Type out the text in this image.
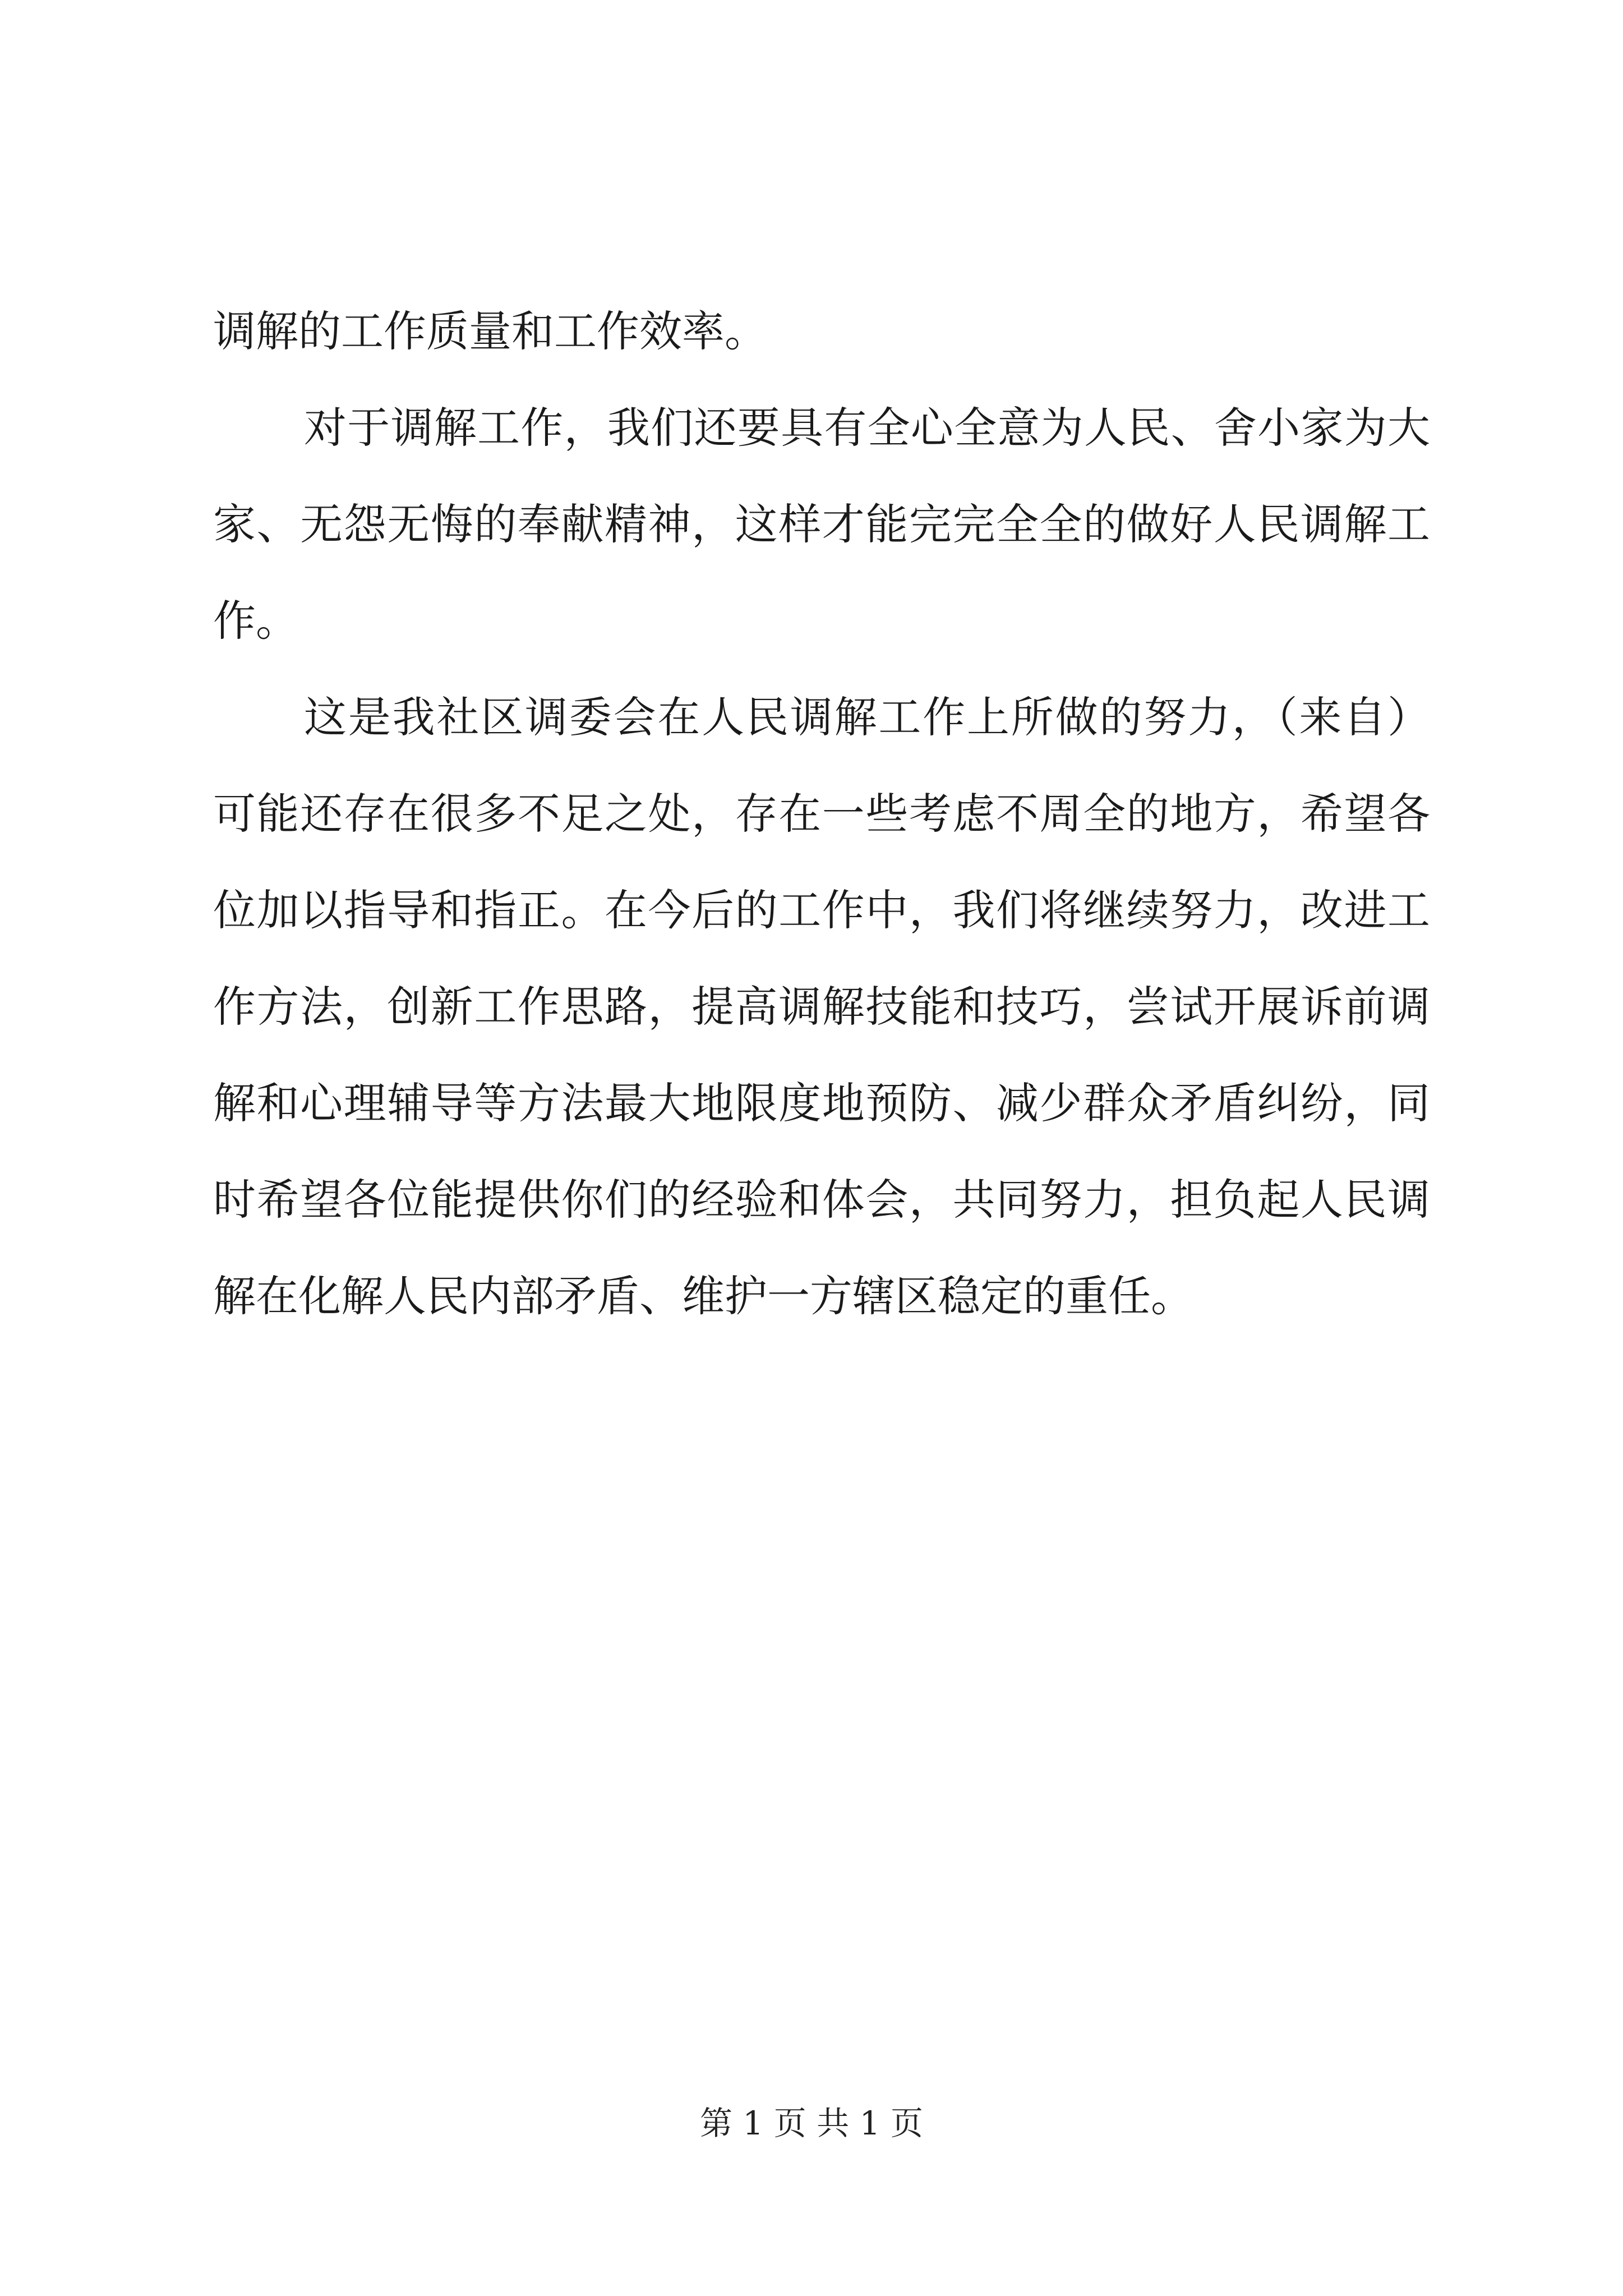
调解的工作质量和工作效率。
对于调解工作，我们还要具有全心全意为人民、舍小家为大
家、无怨无悔的奉献精神，这样才能完完全全的做好人民调解工
作。
这是我社区调委会在人民调解工作上所做的努力，（来自）
可能还存在很多不足之处，存在一些考虑不周全的地方，希望各
位加以指导和指正。在今后的工作中，我们将继续努力，改进工
作方法，创新工作思路，提高调解技能和技巧，尝试开展诉前调
解和心理辅导等方法最大地限度地预防、减少群众矛盾纠纷，同
时希望各位能提供你们的经验和体会，共同努力，担负起人民调
解在化解人民内部矛盾、维护一方辖区稳定的重任。
第 1 页 共 1 页
